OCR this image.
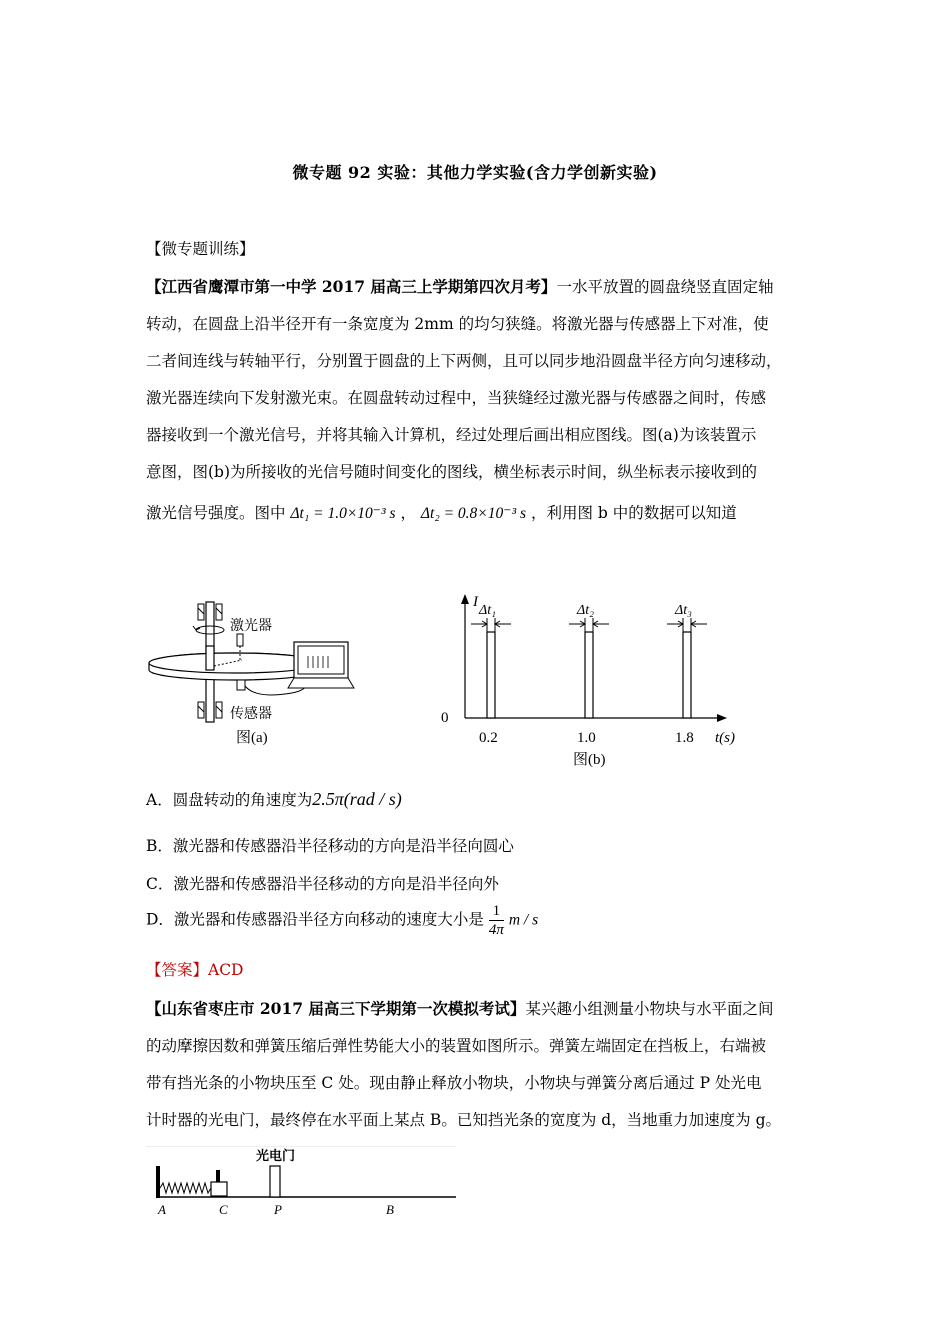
微专题 92 实验：其他力学实验(含力学创新实验)
【微专题训练】
【江西省鹰潭市第一中学 2017 届高三上学期第四次月考】一水平放置的圆盘绕竖直固定轴
转动，在圆盘上沿半径开有一条宽度为 2mm 的均匀狭缝。将激光器与传感器上下对准，使
二者间连线与转轴平行，分别置于圆盘的上下两侧，且可以同步地沿圆盘半径方向匀速移动，
激光器连续向下发射激光束。在圆盘转动过程中，当狭缝经过激光器与传感器之间时，传感
器接收到一个激光信号，并将其输入计算机，经过处理后画出相应图线。图(a)为该装置示
意图，图(b)为所接收的光信号随时间变化的图线，横坐标表示时间，纵坐标表示接收到的
激光信号强度。图中 Δt₁ = 1.0×10⁻³ s ， Δt₂ = 0.8×10⁻³ s ，利用图 b 中的数据可以知道
激光器
传感器
图(a)
I
0
Δt₁
0.2
Δt₂
1.0
Δt₃
1.8 t(s)
图(b)
A．圆盘转动的角速度为2.5π(rad / s)
B．激光器和传感器沿半径移动的方向是沿半径向圆心
C．激光器和传感器沿半径移动的方向是沿半径向外
D．激光器和传感器沿半径方向移动的速度大小是 $\frac{1}{4\pi}$ m / s
【答案】ACD
【山东省枣庄市 2017 届高三下学期第一次模拟考试】某兴趣小组测量小物块与水平面之间
的动摩擦因数和弹簧压缩后弹性势能大小的装置如图所示。弹簧左端固定在挡板上，右端被
带有挡光条的小物块压至 C 处。现由静止释放小物块，小物块与弹簧分离后通过 P 处光电
计时器的光电门，最终停在水平面上某点 B。已知挡光条的宽度为 d，当地重力加速度为 g。
光电门
A	C	P	B
